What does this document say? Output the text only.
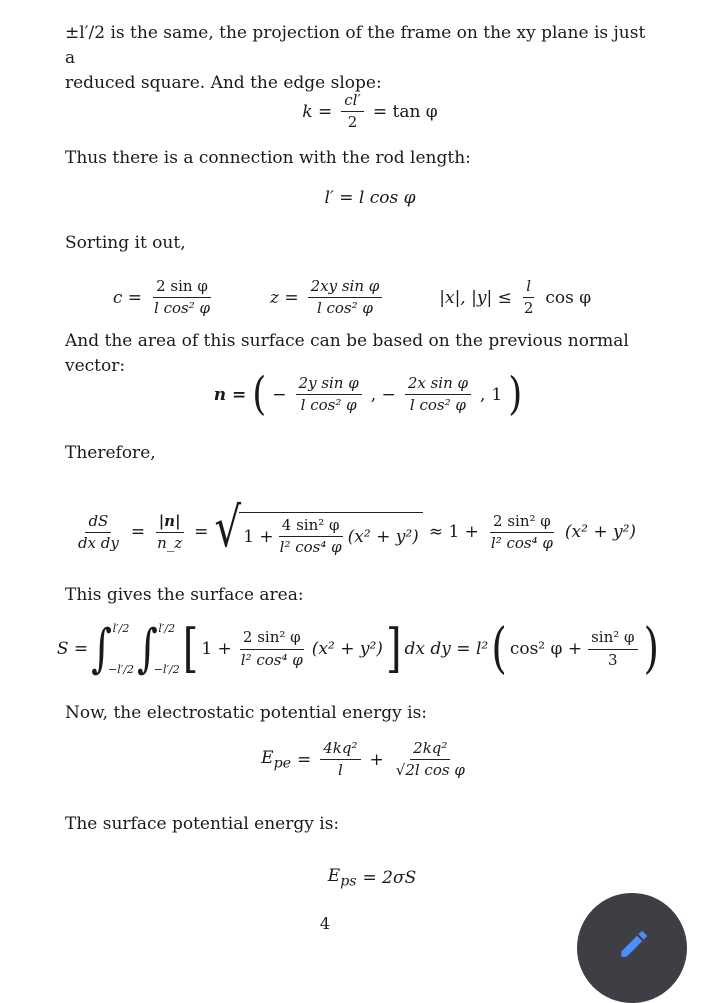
±l′/2 is the same, the projection of the frame on the xy plane is just a
reduced square. And the edge slope:

$k = \frac{cl'}{2} = \tan \varphi$

Thus there is a connection with the rod length:

l′ = l cos φ

Sorting it out,

$c = \frac{\text{2 sin φ}}{\text{l cos² φ}}$	$z = \frac{\text{2xy sin φ}}{\text{l cos² φ}}$	|x|, $|y| \le \frac{l}{2}$ cos φ

And the area of this surface can be based on the previous normal vector:

n = ( − $\frac{\text{2y sin φ}}{\text{l cos² φ}}$ , − $\frac{\text{2x sin φ}}{\text{l cos² φ}}$ , 1 )

Therefore,

$\frac{dS}{\text{dx dy}} = \frac{|n|}{n\_z}$ = √ $1 + \frac{\text{4 sin² φ}}{\text{l² cos⁴ φ}} (x^2 + y^2) \approx 1 + \frac{\text{2 sin² φ}}{\text{l² cos⁴ φ}} (x^2 + y^2)$

This gives the surface area:

S = ∫ l′/2
−l′/2 ∫ l′/2
−l′/2 [ $1 + \frac{\text{2 sin² φ}}{\text{l² cos⁴ φ}} (x^2 + y^2)$ ] dx dy = l² ( cos² $\varphi + \frac{\text{sin² φ}}{3}$ )

Now, the electrostatic potential energy is:

$E_{pe} = \frac{\text{4kq²}}{l} + \frac{\text{2kq²}}{\text{√2l cos φ}}$

The surface potential energy is:

$E_{ps} = 2\sigma S$
4
